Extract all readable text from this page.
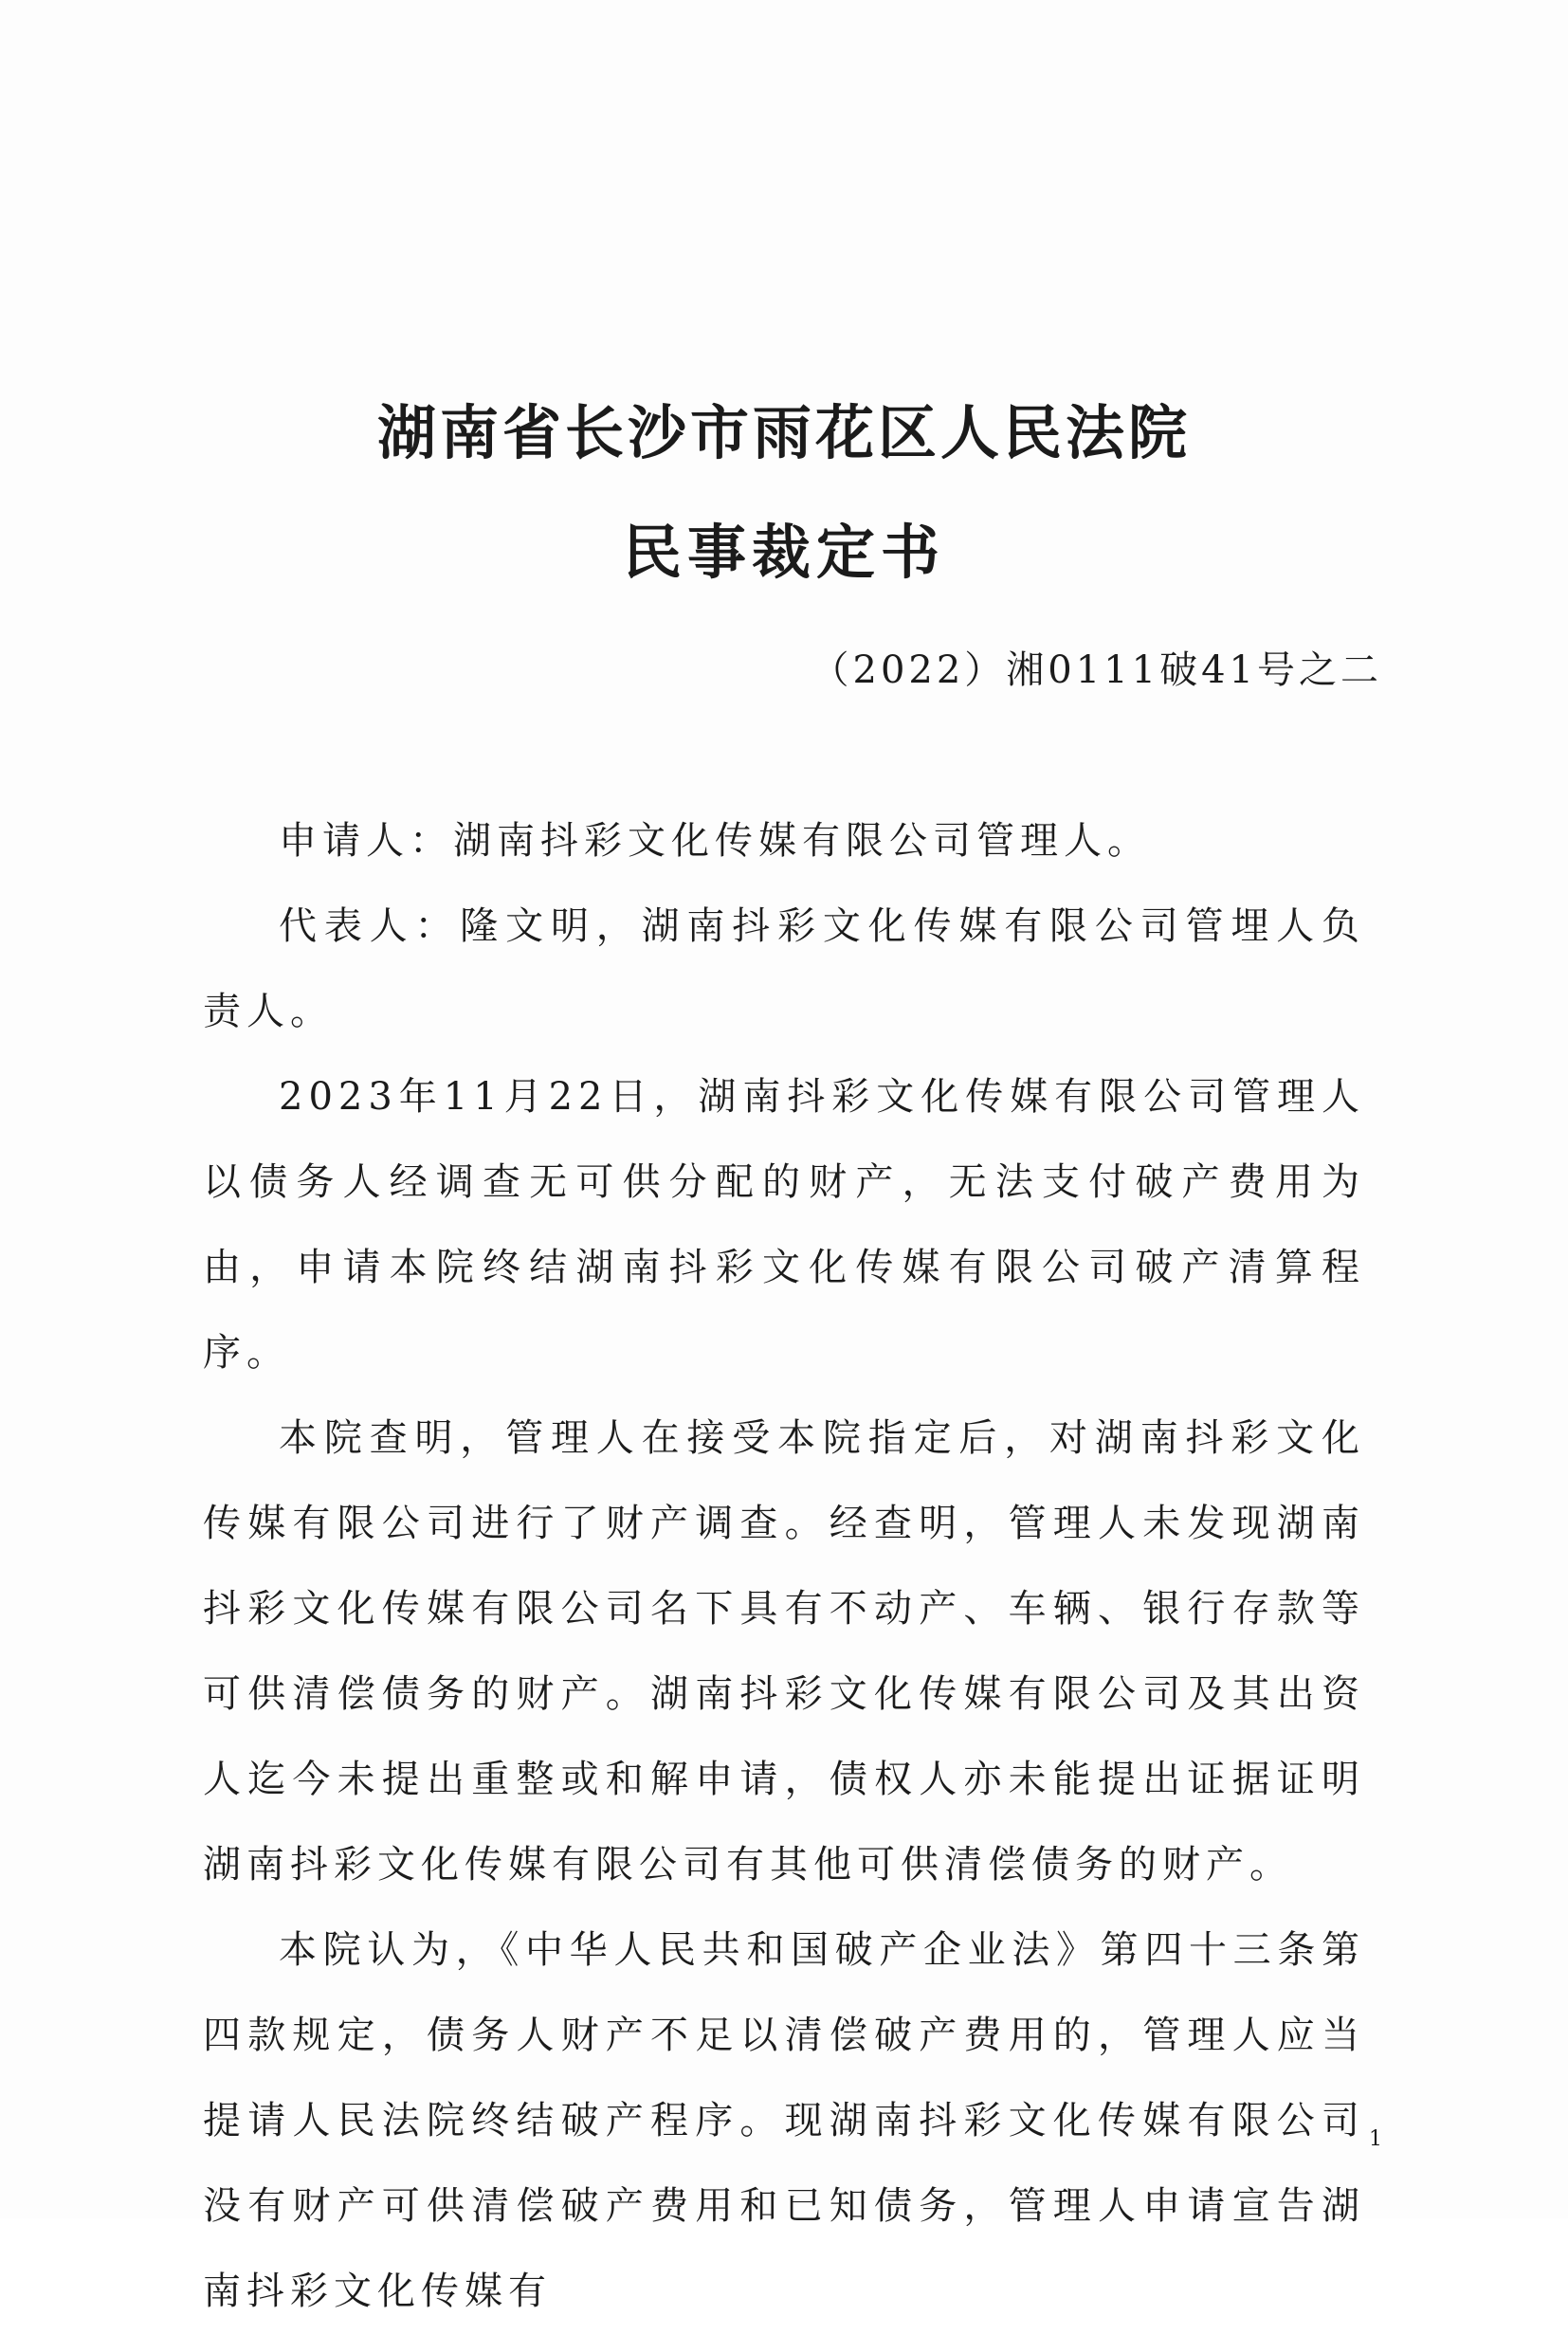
湖南省长沙市雨花区人民法院
民事裁定书
（2022）湘0111破41号之二

申请人：湖南抖彩文化传媒有限公司管理人。

代表人：隆文明，湖南抖彩文化传媒有限公司管埋人负责人。

2023年11月22日，湖南抖彩文化传媒有限公司管理人以债务人经调查无可供分配的财产，无法支付破产费用为由，申请本院终结湖南抖彩文化传媒有限公司破产清算程序。

本院查明，管理人在接受本院指定后，对湖南抖彩文化传媒有限公司进行了财产调查。经查明，管理人未发现湖南抖彩文化传媒有限公司名下具有不动产、车辆、银行存款等可供清偿债务的财产。湖南抖彩文化传媒有限公司及其出资人迄今未提出重整或和解申请，债权人亦未能提出证据证明湖南抖彩文化传媒有限公司有其他可供清偿债务的财产。

本院认为，《中华人民共和国破产企业法》第四十三条第四款规定，债务人财产不足以清偿破产费用的，管理人应当提请人民法院终结破产程序。现湖南抖彩文化传媒有限公司没有财产可供清偿破产费用和已知债务，管理人申请宣告湖南抖彩文化传媒有

1
